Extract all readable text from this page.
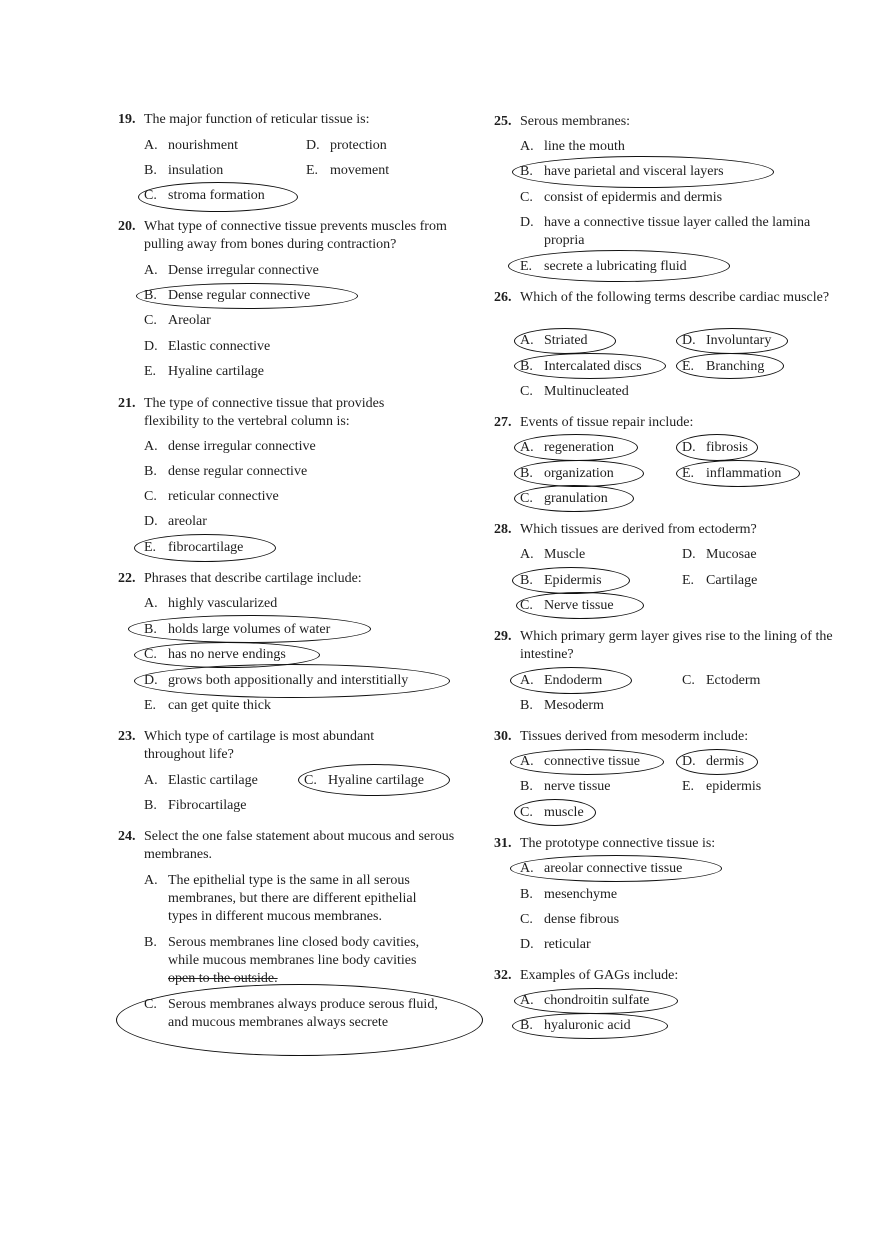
19. The major function of reticular tissue is:
A. nourishment
B. insulation
C. stroma formation
D. protection
E. movement
20. What type of connective tissue prevents muscles from pulling away from bones during contraction?
A. Dense irregular connective
B. Dense regular connective
C. Areolar
D. Elastic connective
E. Hyaline cartilage
21. The type of connective tissue that provides flexibility to the vertebral column is:
A. dense irregular connective
B. dense regular connective
C. reticular connective
D. areolar
E. fibrocartilage
22. Phrases that describe cartilage include:
A. highly vascularized
B. holds large volumes of water
C. has no nerve endings
D. grows both appositionally and interstitially
E. can get quite thick
23. Which type of cartilage is most abundant throughout life?
A. Elastic cartilage
B. Fibrocartilage
C. Hyaline cartilage
24. Select the one false statement about mucous and serous membranes.
A. The epithelial type is the same in all serous membranes, but there are different epithelial types in different mucous membranes.
B. Serous membranes line closed body cavities, while mucous membranes line body cavities open to the outside.
C. Serous membranes always produce serous fluid, and mucous membranes always secrete
25. Serous membranes:
A. line the mouth
B. have parietal and visceral layers
C. consist of epidermis and dermis
D. have a connective tissue layer called the lamina propria
E. secrete a lubricating fluid
26. Which of the following terms describe cardiac muscle?
A. Striated
B. Intercalated discs
C. Multinucleated
D. Involuntary
E. Branching
27. Events of tissue repair include:
A. regeneration
B. organization
C. granulation
D. fibrosis
E. inflammation
28. Which tissues are derived from ectoderm?
A. Muscle
B. Epidermis
C. Nerve tissue
D. Mucosae
E. Cartilage
29. Which primary germ layer gives rise to the lining of the intestine?
A. Endoderm
B. Mesoderm
C. Ectoderm
30. Tissues derived from mesoderm include:
A. connective tissue
B. nerve tissue
C. muscle
D. dermis
E. epidermis
31. The prototype connective tissue is:
A. areolar connective tissue
B. mesenchyme
C. dense fibrous
D. reticular
32. Examples of GAGs include:
A. chondroitin sulfate
B. hyaluronic acid
